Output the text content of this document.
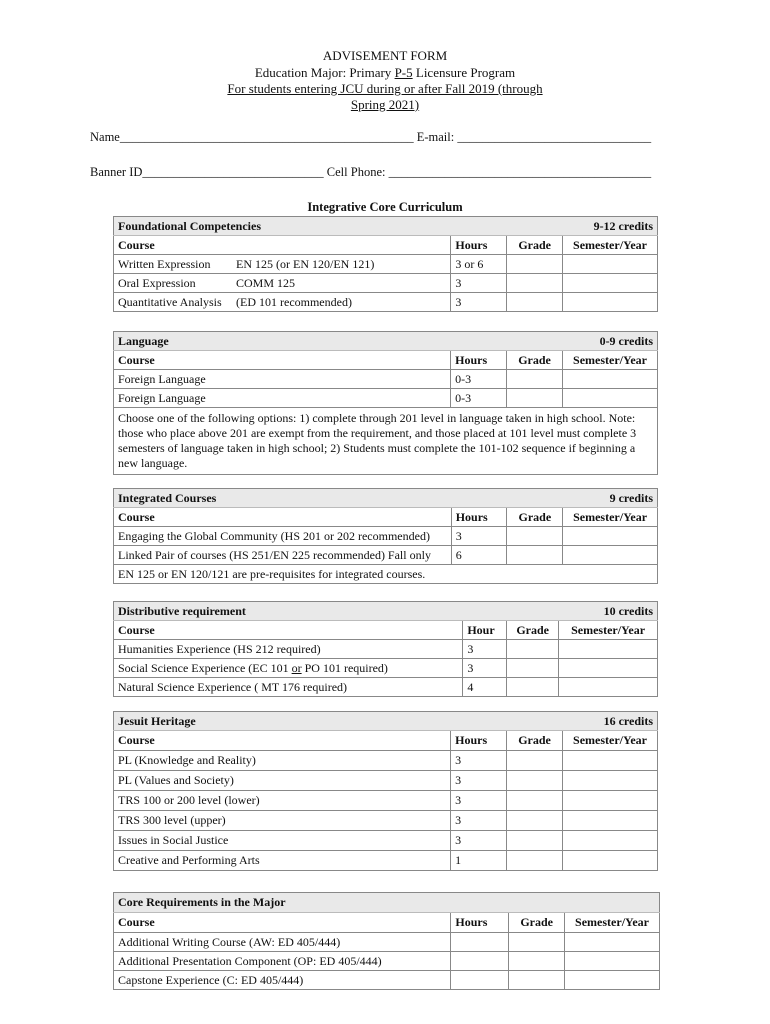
ADVISEMENT FORM
Education Major: Primary P-5 Licensure Program
For students entering JCU during or after Fall 2019 (through
Spring 2021)
Name_______________________________________________ E-mail: _______________________________
Banner ID_____________________________ Cell Phone: __________________________________________
Integrative Core Curriculum
Foundational Competencies 9-12 credits			

Course	Hours	Grade	Semester/Year
Written Expression EN 125 (or EN 120/EN 121)	3 or 6		
Oral Expression COMM 125	3		
Quantitative Analysis (ED 101 recommended)	3		
Language 0-9 credits			

Course	Hours	Grade	Semester/Year
Foreign Language	0-3		
Foreign Language	0-3		
Choose one of the following options: 1) complete through 201 level in language taken in high school. Note: those who place above 201 are exempt from the requirement, and those placed at 101 level must complete 3 semesters of language taken in high school; 2) Students must complete the 101-102 sequence if beginning a new language.			
Integrated Courses 9 credits			

Course	Hours	Grade	Semester/Year
Engaging the Global Community (HS 201 or 202 recommended)	3		
Linked Pair of courses (HS 251/EN 225 recommended) Fall only	6		
EN 125 or EN 120/121 are pre-requisites for integrated courses.			
Distributive requirement 10 credits			

Course	Hour	Grade	Semester/Year
Humanities Experience (HS 212 required)	3		
Social Science Experience (EC 101 or PO 101 required)	3		
Natural Science Experience ( MT 176 required)	4		
Jesuit Heritage 16 credits			

Course	Hours	Grade	Semester/Year
PL (Knowledge and Reality)	3		
PL (Values and Society)	3		
TRS 100 or 200 level (lower)	3		
TRS 300 level (upper)	3		
Issues in Social Justice	3		
Creative and Performing Arts	1		
Core Requirements in the Major			
Course	Hours	Grade	Semester/Year
Additional Writing Course (AW: ED 405/444)			
Additional Presentation Component (OP: ED 405/444)			
Capstone Experience (C: ED 405/444)			
